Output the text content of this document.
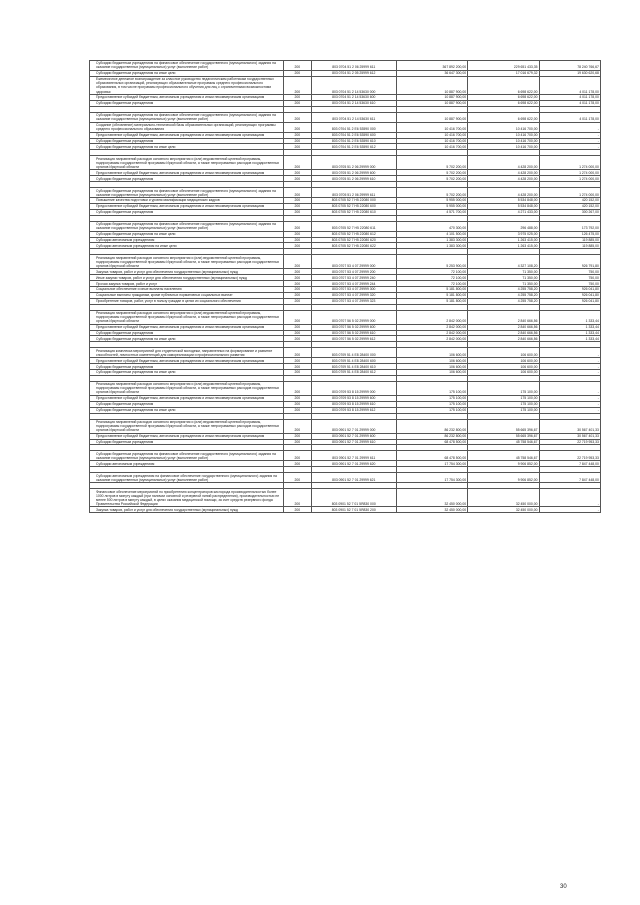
Субсидии бюджетным учреждениям на финансовое обеспечение государственного (муниципального) задания на оказание государственных (муниципальных) услуг (выполнение работ)	200	803 0704 51 2 06 25999 611	367 892 200,00	229 651 433,35	78 240 766,67
Субсидии бюджетным учреждениям на иные цели	200	803 0704 51 2 05 25999 612	36 647 300,00	17 016 679,32	19 630 620,68
Ежемесячное денежное вознаграждение за классное руководство педагогическим работникам государственных образовательных организаций, реализующих образовательные программы среднего профессионального образования, в том числе программы профессионального обучения для лиц с ограниченными возможностями здоровья	200	803 0704 51 2 14 53630 000	10 887 900,00	6 698 622,00	4 011 178,00
Предоставление субсидий бюджетным, автономным учреждениям и иным некоммерческим организациям	200	803 0704 51 2 14 53630 600	10 887 900,00	6 698 622,00	4 011 178,00
Субсидии бюджетным учреждениям	200	803 0704 51 2 14 53630 610	10 887 900,00	6 698 622,00	4 011 178,00

Субсидии бюджетным учреждениям на финансовое обеспечение государственного (муниципального) задания на оказание государственных (муниципальных) услуг (выполнение работ)	200	803 0704 51 2 14 53630 611	10 887 900,00	6 698 622,00	4 011 178,00
Создание (обновление) материально-технической базы образовательных организаций, реализующих программы среднего профессионального образования	200	803 0704 51 2 Е6 53590 000	10 416 700,00	10 416 700,00	-
Предоставление субсидий бюджетным, автономным учреждениям и иным некоммерческим организациям	200	803 0704 51 2 Е6 53590 600	10 416 700,00	10 416 700,00	-
Субсидии бюджетным учреждениям	200	803 0704 51 2 Е6 53590 610	10 416 700,00	10 416 700,00	-
Субсидии бюджетным учреждениям на иные цели	200	803 0704 51 2 Е6 53590 612	10 416 700,00	10 416 700,00	-

Реализация направлений расходов основного мероприятия и (или) ведомственной целевой программы, подпрограммы государственной программы Иркутской области, а также непрограммных расходов государственных органов Иркутской области	200	803 0705 51 2 06 29999 000	5 702 200,00	4 428 200,00	1 274 000,00
Предоставление субсидий бюджетным, автономным учреждениям и иным некоммерческим организациям	200	803 0705 51 2 06 29999 600	5 702 200,00	4 428 200,00	1 274 000,00
Субсидии бюджетным учреждениям	200	803 0705 51 2 06 29999 610	5 702 200,00	4 428 200,00	1 274 000,00

Субсидии бюджетным учреждениям на финансовое обеспечение государственного (муниципального) задания на оказание государственных (муниципальных) услуг (выполнение работ)	200	803 0705 51 2 06 29999 611	5 702 200,00	4 428 200,00	1 274 000,00
Повышение качества подготовки и уровня квалификации медицинских кадров	200	803 0705 52 7 Н5 22080 000	5 955 000,00	5 534 848,00	420 152,00
Предоставление субсидий бюджетным, автономным учреждениям и иным некоммерческим организациям	200	803 0705 52 7 Н5 22080 600	5 955 000,00	5 534 848,00	420 152,00
Субсидии бюджетным учреждениям	200	803 0705 52 7 Н5 22080 610	4 571 700,00	4 271 433,00	300 267,00

Субсидии бюджетным учреждениям на финансовое обеспечение государственного (муниципального) задания на оказание государственных (муниципальных) услуг (выполнение работ)	200	803 0705 52 7 Н5 22080 611	470 300,00	296 488,00	173 792,00
Субсидии бюджетным учреждениям на иные цели	200	803 0705 52 7 Н5 22080 612	4 101 500,00	3 975 025,00	126 475,00
Субсидии автономным учреждениям	200	803 0705 52 7 Н5 22080 620	1 383 300,00	1 263 415,00	119 885,00
Субсидии автономным учреждениям на иные цели	200	803 0705 52 7 Н5 22080 622	1 383 300,00	1 263 415,00	119 885,00

Реализация направлений расходов основного мероприятия и (или) ведомственной целевой программы, подпрограммы государственной программы Иркутской области, а также непрограммных расходов государственных органов Иркутской области	200	803 0707 53 4 07 29999 000	5 253 900,00	4 327 108,20	926 791,80
Закупка товаров, работ и услуг для обеспечения государственных (муниципальных) нужд	200	803 0707 53 4 07 29999 200	72 100,00	71 350,00	750,00
Иные закупки товаров, работ и услуг для обеспечения государственных (муниципальных) нужд	200	803 0707 53 4 07 29999 240	72 100,00	71 350,00	750,00
Прочая закупка товаров, работ и услуг	200	803 0707 53 4 07 29999 244	72 100,00	71 350,00	750,00
Социальное обеспечение и иные выплаты населению	200	803 0707 53 4 07 29999 300	5 181 800,00	4 255 758,20	926 041,80
Социальные выплаты гражданам, кроме публичных нормативных социальных выплат	200	803 0707 53 4 07 29999 320	5 181 800,00	4 255 758,20	926 041,80
Приобретение товаров, работ, услуг в пользу граждан в целях их социального обеспечения	200	803 0707 53 4 07 29999 323	5 181 800,00	4 255 758,20	926 041,80

Реализация направлений расходов основного мероприятия и (или) ведомственной целевой программы, подпрограммы государственной программы Иркутской области, а также непрограммных расходов государственных органов Иркутской области	200	803 0707 56 5 02 29999 000	2 842 000,00	2 840 666,56	1 333,44
Предоставление субсидий бюджетным, автономным учреждениям и иным некоммерческим организациям	200	803 0707 56 5 02 29999 600	2 842 000,00	2 840 666,56	1 333,44
Субсидии бюджетным учреждениям	200	803 0707 56 5 02 29999 610	2 842 000,00	2 840 666,56	1 333,44
Субсидии бюджетным учреждениям на иные цели	200	803 0707 56 5 02 29999 612	2 842 000,00	2 840 666,56	1 333,44

Реализация комплекса мероприятий для студенческой молодежи, направленных на формирование и развитие способностей, личностных компетенций для самореализации и профессионального развития	200	803 0709 51 4 Е8 28400 000	106 600,00	106 600,00	-
Предоставление субсидий бюджетным, автономным учреждениям и иным некоммерческим организациям	200	803 0709 51 4 Е8 28400 600	106 600,00	106 600,00	-
Субсидии бюджетным учреждениям	200	803 0709 51 4 Е8 28400 610	106 600,00	106 600,00	-
Субсидии бюджетным учреждениям на иные цели	200	803 0709 51 4 Е8 28400 612	106 600,00	106 600,00	-

Реализация направлений расходов основного мероприятия и (или) ведомственной целевой программы, подпрограммы государственной программы Иркутской области, а также непрограммных расходов государственных органов Иркутской области	200	803 0709 53 8 15 29999 000	175 100,00	175 100,00	-
Предоставление субсидий бюджетным, автономным учреждениям и иным некоммерческим организациям	200	803 0709 53 8 15 29999 600	175 100,00	175 100,00	-
Субсидии бюджетным учреждениям	200	803 0709 53 8 15 29999 610	175 100,00	175 100,00	-
Субсидии бюджетным учреждениям на иные цели	200	803 0709 53 8 15 29999 612	175 100,00	175 100,00	-

Реализация направлений расходов основного мероприятия и (или) ведомственной целевой программы, подпрограммы государственной программы Иркутской области, а также непрограммных расходов государственных органов Иркутской области	200	803 0901 52 7 01 29999 000	86 232 800,00	55 665 396,67	30 567 401,33
Предоставление субсидий бюджетным, автономным учреждениям и иным некоммерческим организациям	200	803 0901 52 7 01 29999 600	86 232 800,00	55 665 396,67	30 567 401,33
Субсидии бюджетным учреждениям	200	803 0901 52 7 01 29999 610	68 478 500,00	45 758 546,67	22 719 953,33

Субсидии бюджетным учреждениям на финансовое обеспечение государственного (муниципального) задания на оказание государственных (муниципальных) услуг (выполнение работ)	200	803 0901 52 7 01 29999 611	68 478 500,00	45 758 546,67	22 719 953,33
Субсидии автономным учреждениям	200	803 0901 52 7 01 29999 620	17 754 300,00	9 906 852,00	7 847 448,00

Субсидии автономным учреждениям на финансовое обеспечение государственного (муниципального) задания на оказание государственных (муниципальных) услуг (выполнение работ)	200	803 0901 52 7 01 29999 621	17 754 300,00	9 906 852,00	7 847 448,00

Финансовое обеспечение мероприятий по приобретению концентраторов кислорода производительностью более 1000 литров в минуту каждый (при наличии основной и резервной линий распределения), производительностью не менее 500 литров в минуту каждый, в целях оказания медицинской помощи, за счет средств резервного фонда Правительства Российской Федерации	200	803 0901 52 7 01 5Я830 000	32 450 000,00	32 450 000,00	-
Закупка товаров, работ и услуг для обеспечения государственных (муниципальных) нужд	200	803 0901 52 7 01 5Я830 200	32 450 000,00	32 450 000,00	-
30
